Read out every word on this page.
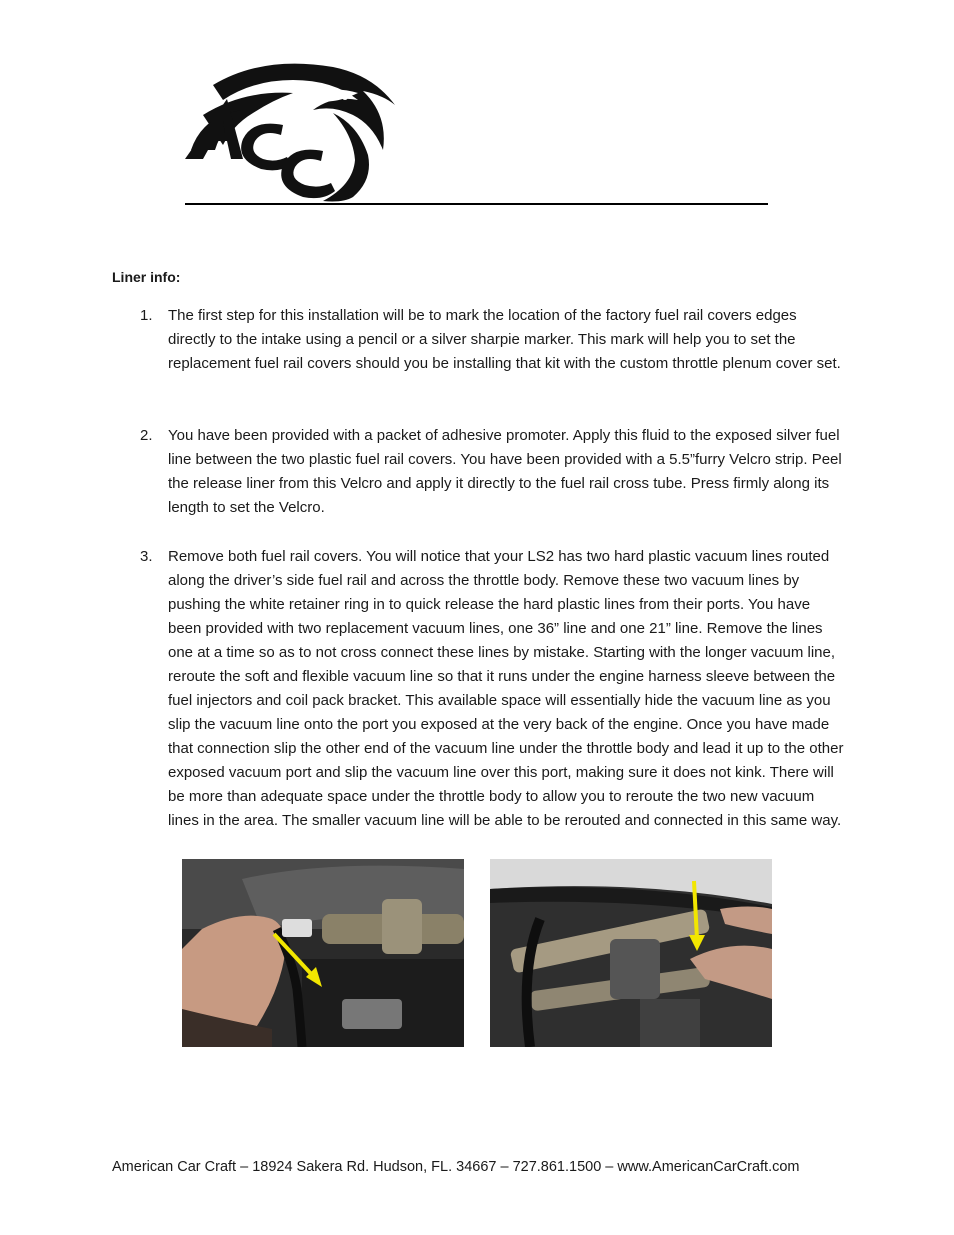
Liner info:
1. The first step for this installation will be to mark the location of the factory fuel rail covers edges directly to the intake using a pencil or a silver sharpie marker. This mark will help you to set the replacement fuel rail covers should you be installing that kit with the custom throttle plenum cover set.
2. You have been provided with a packet of adhesive promoter. Apply this fluid to the exposed silver fuel line between the two plastic fuel rail covers. You have been provided with a 5.5”furry Velcro strip. Peel the release liner from this Velcro and apply it directly to the fuel rail cross tube. Press firmly along its length to set the Velcro.
3. Remove both fuel rail covers. You will notice that your LS2 has two hard plastic vacuum lines routed along the driver’s side fuel rail and across the throttle body. Remove these two vacuum lines by pushing the white retainer ring in to quick release the hard plastic lines from their ports. You have been provided with two replacement vacuum lines, one 36” line and one 21” line. Remove the lines one at a time so as to not cross connect these lines by mistake. Starting with the longer vacuum line, reroute the soft and flexible vacuum line so that it runs under the engine harness sleeve between the fuel injectors and coil pack bracket. This available space will essentially hide the vacuum line as you slip the vacuum line onto the port you exposed at the very back of the engine. Once you have made that connection slip the other end of the vacuum line under the throttle body and lead it up to the other exposed vacuum port and slip the vacuum line over this port, making sure it does not kink. There will be more than adequate space under the throttle body to allow you to reroute the two new vacuum lines in the area. The smaller vacuum line will be able to be rerouted and connected in this same way.
American Car Craft – 18924 Sakera Rd. Hudson, FL. 34667 – 727.861.1500 – www.AmericanCarCraft.com
